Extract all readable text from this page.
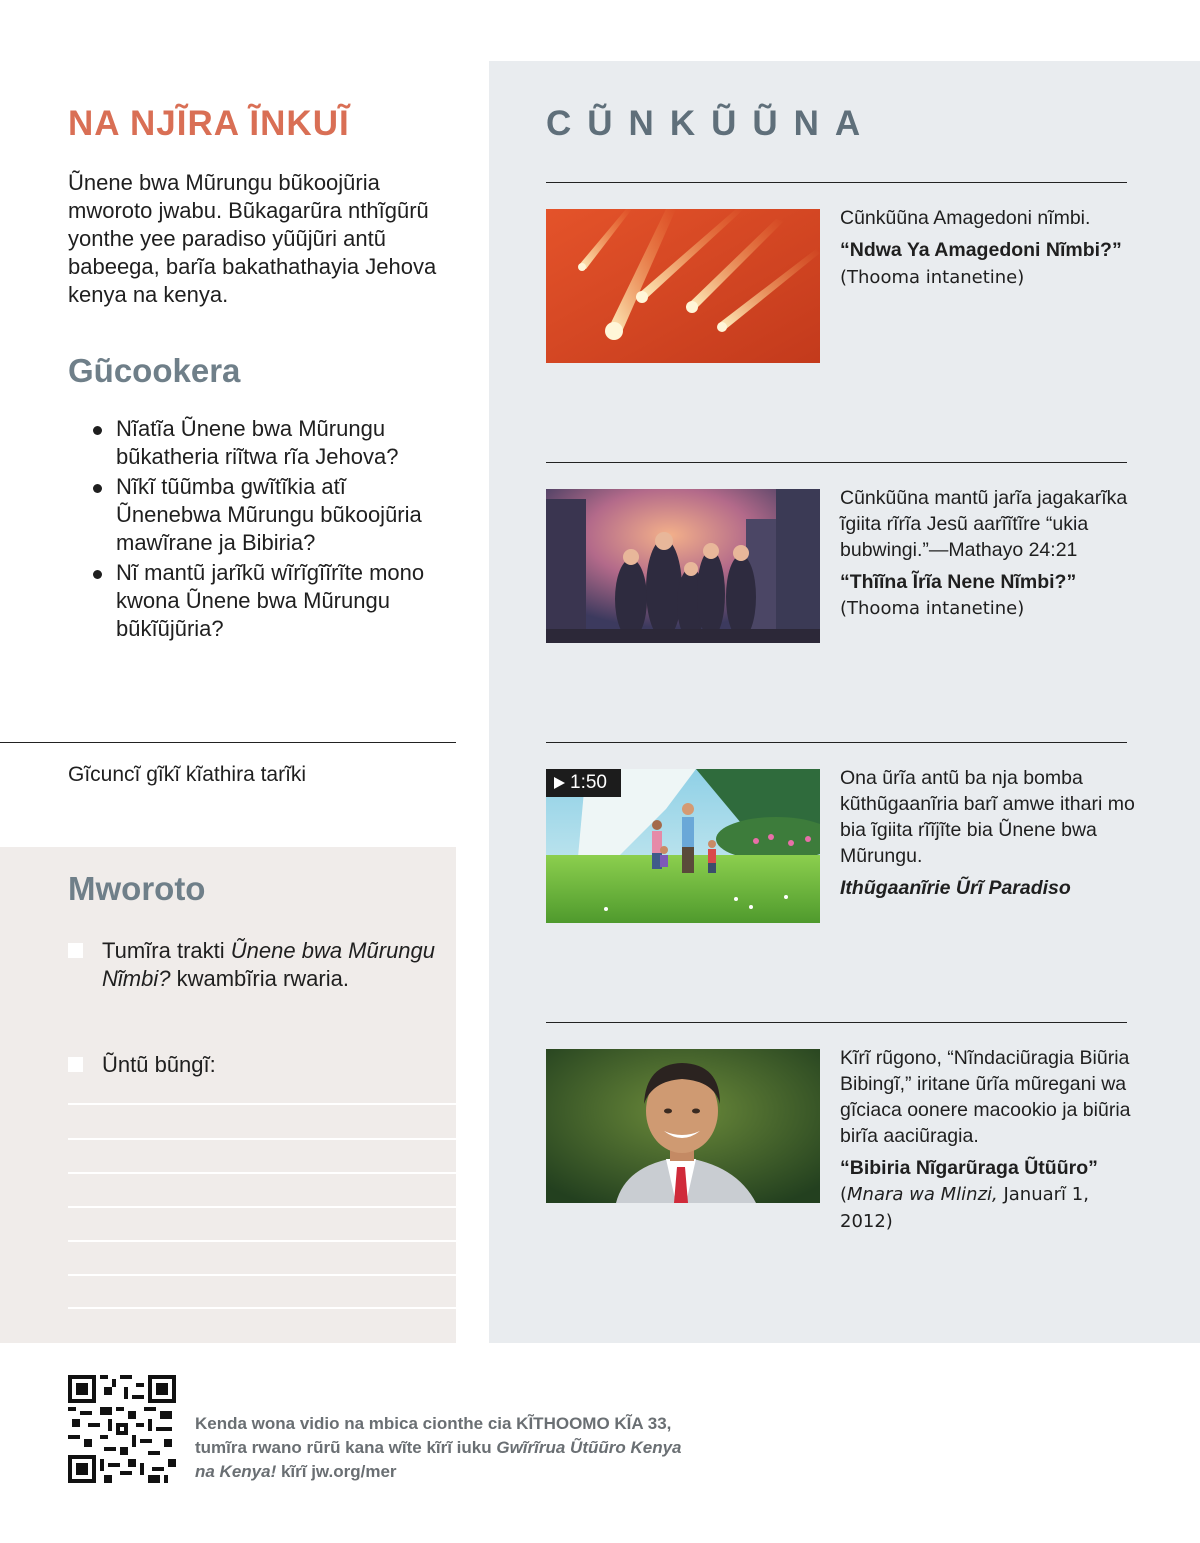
NA NJĨRA ĨNKUĨ

Ũnene bwa Mũrungu bũkoojũria mworoto jwabu. Bũkagarũra nthĩgũrũ yonthe yee paradiso yũũjũri antũ babeega, barĩa bakathathayia Jehova kenya na kenya.

Gũcookera
Nĩatĩa Ũnene bwa Mũrungu bũkatheria riĩtwa rĩa Jehova?
Nĩkĩ tũũmba gwĩtĩkia atĩ Ũnenebwa Mũrungu bũkoojũria mawĩrane ja Bibiria?
Nĩ mantũ jarĩkũ wĩrĩgĩĩrĩte mono kwona Ũnene bwa Mũrungu bũkĩũjũria?

Gĩcuncĩ gĩkĩ kĩathira tarĩki

Mworoto
Tumĩra trakti Ũnene bwa Mũrungu Nĩmbi? kwambĩria rwaria.
Ũntũ bũngĩ:
CŨNKŨŨNA

Cũnkũũna Amagedoni nĩmbi.

“Ndwa Ya Amagedoni Nĩmbi?” (Thooma intanetine)

Cũnkũũna mantũ jarĩa jagakarĩka ĩgiita rĩrĩa Jesũ aarĩĩtĩre “ukia bubwingi.”—Mathayo 24:21

“Thĩĩna Ĩrĩa Nene Nĩmbi?”
(Thooma intanetine)

1:50	Ona ũrĩa antũ ba nja bomba kũthũgaanĩria barĩ amwe ithari mo bia ĩgiita rĩĩjĩte bia Ũnene bwa Mũrungu.

Ithũgaanĩrie Ũrĩ Paradiso

Kĩrĩ rũgono, “Nĩndaciũragia Biũria Bibingĩ,” iritane ũrĩa mũregani wa gĩciaca oonere macookio ja biũria birĩa aaciũragia.

“Bibiria Nĩgarũraga Ũtũũro”
(Mnara wa Mlinzi, Januarĩ 1, 2012)

Kenda wona vidio na mbica cionthe cia KĨTHOOMO KĨA 33, tumĩra rwano rũrũ kana wĩte kĩrĩ iuku Gwĩrĩrua Ũtũũro Kenya na Kenya! kĩrĩ jw.org/mer
